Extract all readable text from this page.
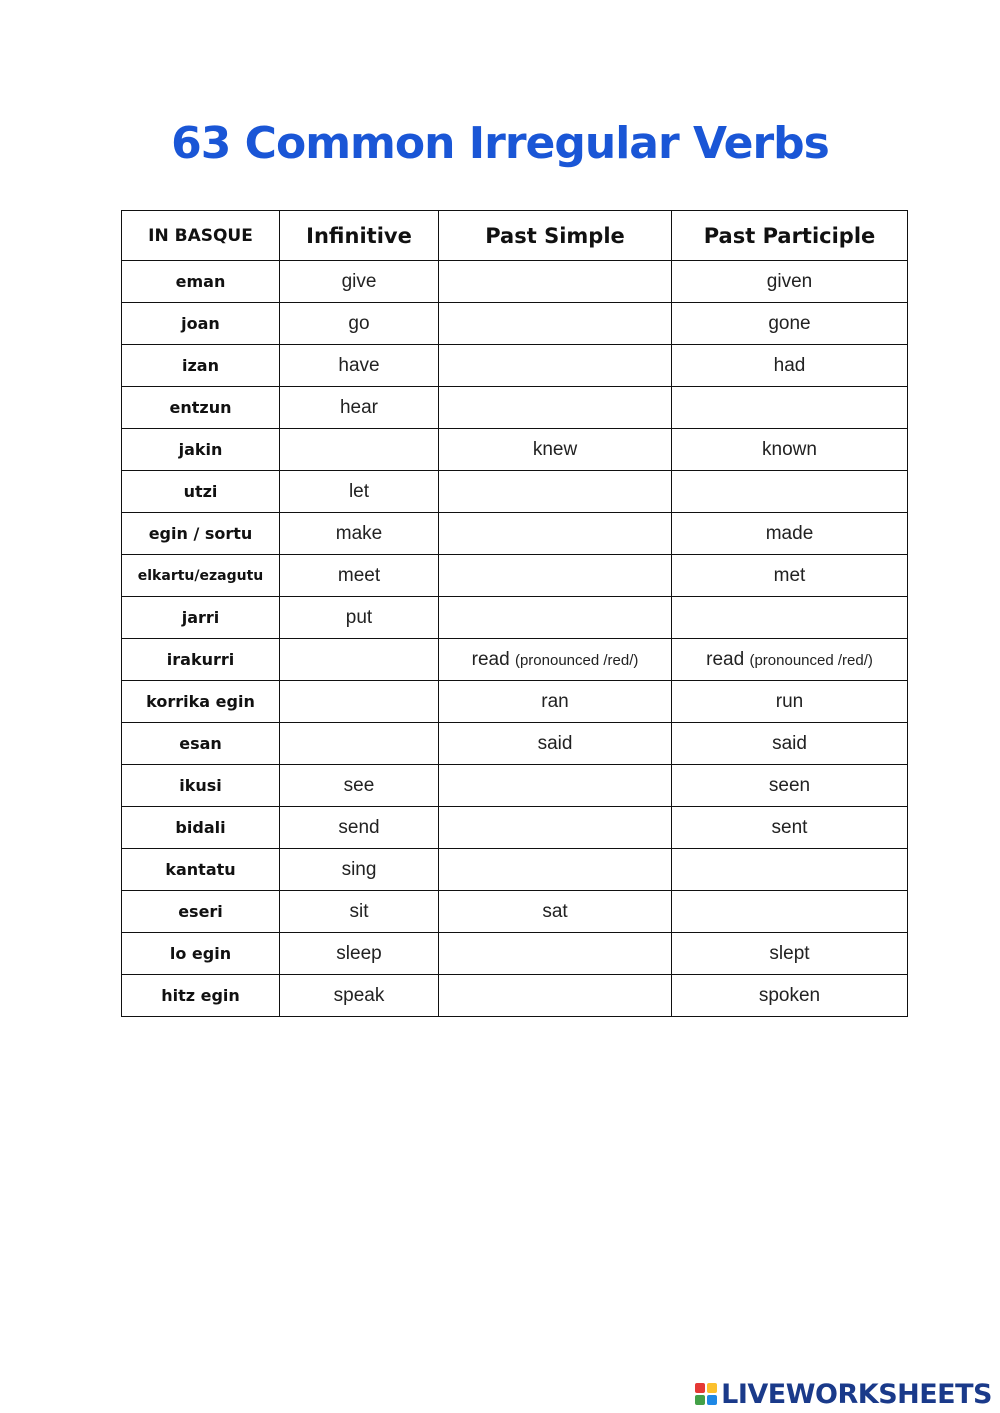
63 Common Irregular Verbs
IN BASQUE	Infinitive	Past Simple	Past Participle
eman	give		given
joan	go		gone
izan	have		had
entzun	hear		
jakin		knew	known
utzi	let		
egin / sortu	make		made
elkartu/ezagutu	meet		met
jarri	put		
irakurri		read (pronounced /red/)	read (pronounced /red/)
korrika egin		ran	run
esan		said	said
ikusi	see		seen
bidali	send		sent
kantatu	sing		
eseri	sit	sat	
lo egin	sleep		slept
hitz egin	speak		spoken
LIVEWORKSHEETS
